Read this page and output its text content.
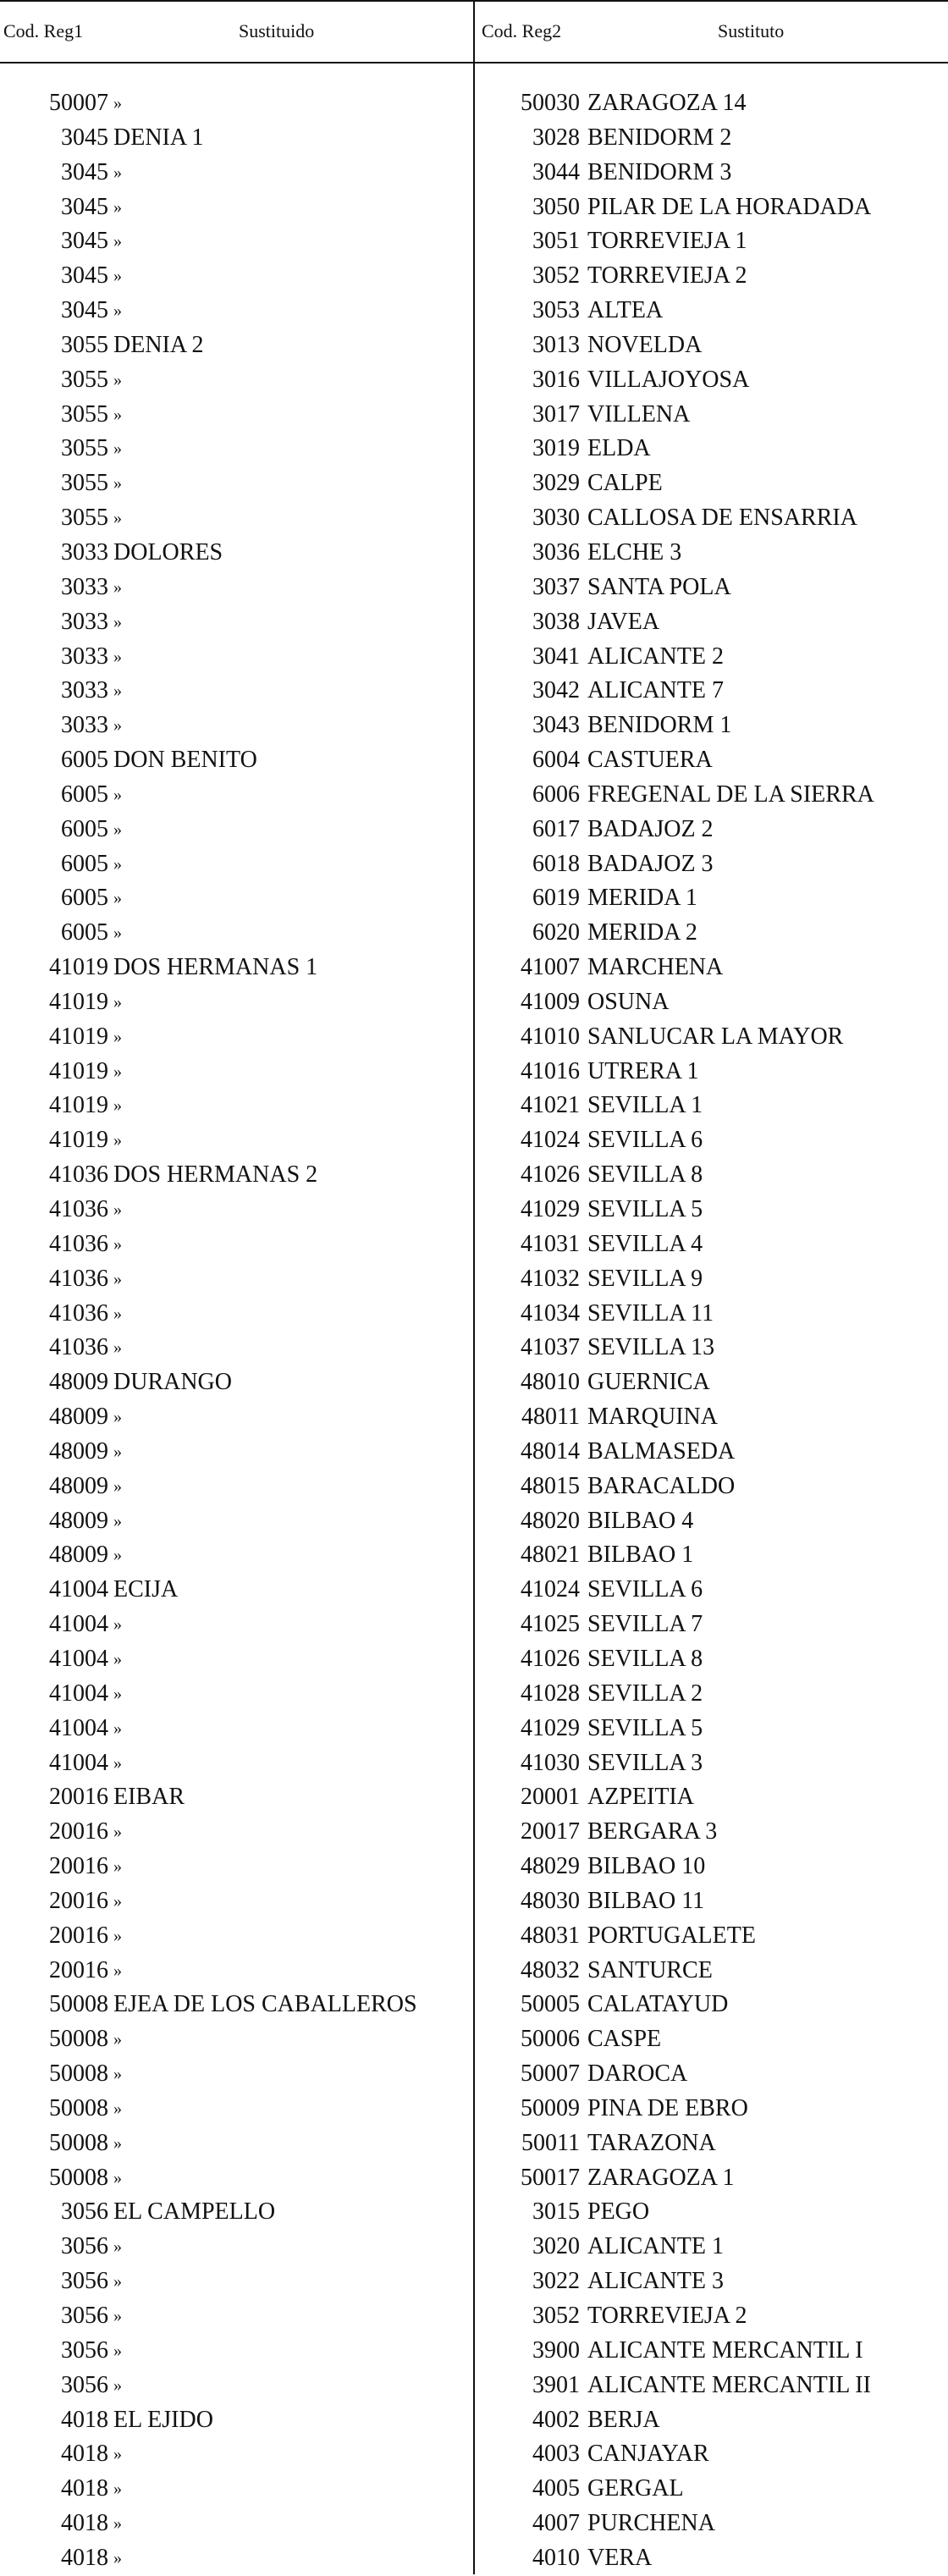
Cod. Reg1	Sustituido	Cod. Reg2	Sustituto
50007 »	50030 ZARAGOZA 14
3045 DENIA 1	3028 BENIDORM 2
3045 »	3044 BENIDORM 3
3045 »	3050 PILAR DE LA HORADADA
3045 »	3051 TORREVIEJA 1
3045 »	3052 TORREVIEJA 2
3045 »	3053 ALTEA
3055 DENIA 2	3013 NOVELDA
3055 »	3016 VILLAJOYOSA
3055 »	3017 VILLENA
3055 »	3019 ELDA
3055 »	3029 CALPE
3055 »	3030 CALLOSA DE ENSARRIA
3033 DOLORES	3036 ELCHE 3
3033 »	3037 SANTA POLA
3033 »	3038 JAVEA
3033 »	3041 ALICANTE 2
3033 »	3042 ALICANTE 7
3033 »	3043 BENIDORM 1
6005 DON BENITO	6004 CASTUERA
6005 »	6006 FREGENAL DE LA SIERRA
6005 »	6017 BADAJOZ 2
6005 »	6018 BADAJOZ 3
6005 »	6019 MERIDA 1
6005 »	6020 MERIDA 2
41019 DOS HERMANAS 1	41007 MARCHENA
41019 »	41009 OSUNA
41019 »	41010 SANLUCAR LA MAYOR
41019 »	41016 UTRERA 1
41019 »	41021 SEVILLA 1
41019 »	41024 SEVILLA 6
41036 DOS HERMANAS 2	41026 SEVILLA 8
41036 »	41029 SEVILLA 5
41036 »	41031 SEVILLA 4
41036 »	41032 SEVILLA 9
41036 »	41034 SEVILLA 11
41036 »	41037 SEVILLA 13
48009 DURANGO	48010 GUERNICA
48009 »	48011 MARQUINA
48009 »	48014 BALMASEDA
48009 »	48015 BARACALDO
48009 »	48020 BILBAO 4
48009 »	48021 BILBAO 1
41004 ECIJA	41024 SEVILLA 6
41004 »	41025 SEVILLA 7
41004 »	41026 SEVILLA 8
41004 »	41028 SEVILLA 2
41004 »	41029 SEVILLA 5
41004 »	41030 SEVILLA 3
20016 EIBAR	20001 AZPEITIA
20016 »	20017 BERGARA 3
20016 »	48029 BILBAO 10
20016 »	48030 BILBAO 11
20016 »	48031 PORTUGALETE
20016 »	48032 SANTURCE
50008 EJEA DE LOS CABALLEROS	50005 CALATAYUD
50008 »	50006 CASPE
50008 »	50007 DAROCA
50008 »	50009 PINA DE EBRO
50008 »	50011 TARAZONA
50008 »	50017 ZARAGOZA 1
3056 EL CAMPELLO	3015 PEGO
3056 »	3020 ALICANTE 1
3056 »	3022 ALICANTE 3
3056 »	3052 TORREVIEJA 2
3056 »	3900 ALICANTE MERCANTIL I
3056 »	3901 ALICANTE MERCANTIL II
4018 EL EJIDO	4002 BERJA
4018 »	4003 CANJAYAR
4018 »	4005 GERGAL
4018 »	4007 PURCHENA
4018 »	4010 VERA
